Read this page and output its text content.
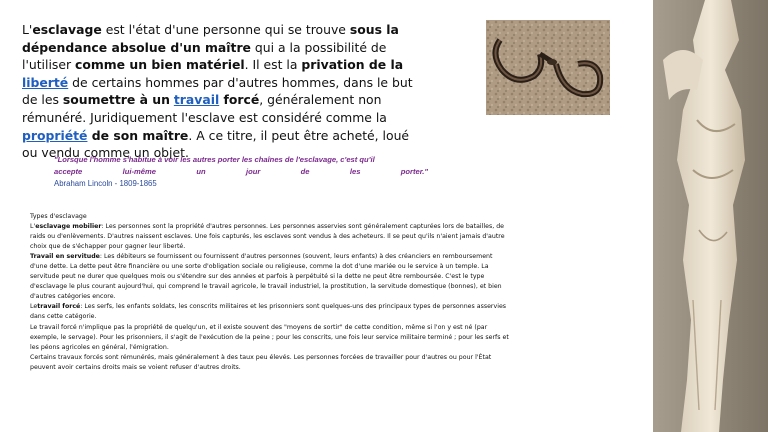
L'esclavage est l'état d'une personne qui se trouve sous la dépendance absolue d'un maître qui a la possibilité de l'utiliser comme un bien matériel. Il est la privation de la liberté de certains hommes par d'autres hommes, dans le but de les soumettre à un travail forcé, généralement non rémunéré. Juridiquement l'esclave est considéré comme la propriété de son maître. A ce titre, il peut être acheté, loué ou vendu comme un objet.
"Lorsque l'homme s'habitue à voir les autres porter les chaînes de l'esclavage, c'est qu'il
accepte	lui-même	un	jour	de	les	porter."
Abraham Lincoln - 1809-1865
Types d'esclavage
L'esclavage mobilier: Les personnes sont la propriété d'autres personnes. Les personnes asservies sont généralement capturées lors de batailles, de raids ou d'enlèvements. D'autres naissent esclaves. Une fois capturés, les esclaves sont vendus à des acheteurs. Il se peut qu'ils n'aient jamais d'autre choix que de s'échapper pour gagner leur liberté.
Travail en servitude: Les débiteurs se fournissent ou fournissent d'autres personnes (souvent, leurs enfants) à des créanciers en remboursement d'une dette. La dette peut être financière ou une sorte d'obligation sociale ou religieuse, comme la dot d'une mariée ou le service à un temple. La servitude peut ne durer que quelques mois ou s'étendre sur des années et parfois à perpétuité si la dette ne peut être remboursée. C'est le type d'esclavage le plus courant aujourd'hui, qui comprend le travail agricole, le travail industriel, la prostitution, la servitude domestique (bonnes), et bien d'autres catégories encore.
Letravail forcé: Les serfs, les enfants soldats, les conscrits militaires et les prisonniers sont quelques-uns des principaux types de personnes asservies dans cette catégorie.
Le travail forcé n'implique pas la propriété de quelqu'un, et il existe souvent des "moyens de sortir" de cette condition, même si l'on y est né (par exemple, le servage). Pour les prisonniers, il s'agit de l'exécution de la peine ; pour les conscrits, une fois leur service militaire terminé ; pour les serfs et les péons agricoles en général, l'émigration.
Certains travaux forcés sont rémunérés, mais généralement à des taux peu élevés. Les personnes forcées de travailler pour d'autres ou pour l'État peuvent avoir certains droits mais se voient refuser d'autres droits.
